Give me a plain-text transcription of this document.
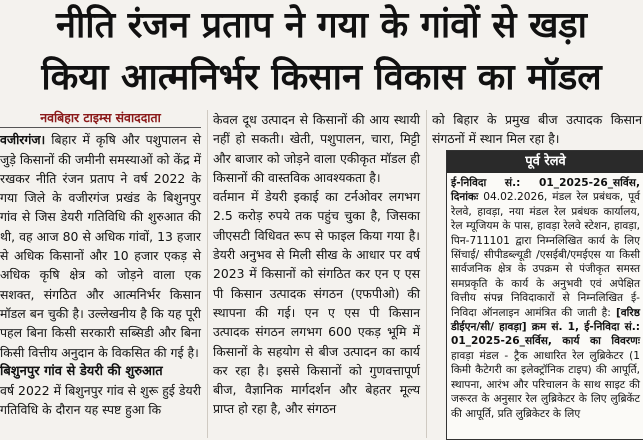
नीति रंजन प्रताप ने गया के गांवों से खड़ा
किया आत्मनिर्भर किसान विकास का मॉडल
नवबिहार टाइम्स संवाददाता

वजीरगंज। बिहार में कृषि और पशुपालन से जुड़े किसानों की जमीनी समस्याओं को केंद्र में रखकर नीति रंजन प्रताप ने वर्ष 2022 के गया जिले के वजीरगंज प्रखंड के बिशुनपुर गांव से जिस डेयरी गतिविधि की शुरुआत की थी, वह आज 80 से अधिक गांवों, 13 हजार से अधिक किसानों और 10 हजार एकड़ से अधिक कृषि क्षेत्र को जोड़ने वाला एक सशक्त, संगठित और आत्मनिर्भर किसान मॉडल बन चुकी है। उल्लेखनीय है कि यह पूरी पहल बिना किसी सरकारी सब्सिडी और बिना किसी वित्तीय अनुदान के विकसित की गई है।

बिशुनपुर गांव से डेयरी की शुरुआत

वर्ष 2022 में बिशुनपुर गांव से शुरू हुई डेयरी गतिविधि के दौरान यह स्पष्ट हुआ कि

केवल दूध उत्पादन से किसानों की आय स्थायी नहीं हो सकती। खेती, पशुपालन, चारा, मिट्टी और बाजार को जोड़ने वाला एकीकृत मॉडल ही किसानों की वास्तविक आवश्यकता है।

वर्तमान में डेयरी इकाई का टर्नओवर लगभग 2.5 करोड़ रुपये तक पहुंच चुका है, जिसका जीएसटी विधिवत रूप से फाइल किया गया है। डेयरी अनुभव से मिली सीख के आधार पर वर्ष 2023 में किसानों को संगठित कर एन ए एस पी किसान उत्पादक संगठन (एफपीओ) की स्थापना की गई। एन ए एस पी किसान उत्पादक संगठन लगभग 600 एकड़ भूमि में किसानों के सहयोग से बीज उत्पादन का कार्य कर रहा है। इससे किसानों को गुणवत्तापूर्ण बीज, वैज्ञानिक मार्गदर्शन और बेहतर मूल्य प्राप्त हो रहा है, और संगठन

को बिहार के प्रमुख बीज उत्पादक किसान संगठनों में स्थान मिल रहा है।

पूर्व रेलवे
ई-निविदा सं.: 01_2025-26_सर्विस, दिनांकः 04.02.2026, मंडल रेल प्रबंधक, पूर्व रेलवे, हावड़ा, नया मंडल रेल प्रबंधक कार्यालय, रेल म्यूजियम के पास, हावड़ा रेलवे स्टेशन, हावड़ा, पिन-711101 द्वारा निम्नलिखित कार्य के लिए सिंचाई/ सीपीडब्ल्यूडी /एसईबी/एमईएस या किसी सार्वजनिक क्षेत्र के उपक्रम से पंजीकृत समस्त समप्रकृति के कार्य के अनुभवी एवं अपेक्षित वित्तीय संपन्न निविदाकारों से निम्नलिखित ई-निविदा ऑनलाइन आमंत्रित की जाती है: [वरिष्ठ डीईएन/सी/ हावड़ा] क्रम सं. 1, ई-निविदा सं.: 01_2025-26_सर्विस, कार्य का विवरणः हावड़ा मंडल - ट्रैक आधारित रेल लुब्रिकेटर (1 किमी कैटेगरी का इलेक्ट्रॉनिक टाइप) की आपूर्ति, स्थापना, आरंभ और परिचालन के साथ साइट की जरूरत के अनुसार रेल लुब्रिकेटर के लिए लुब्रिकेंट की आपूर्ति, प्रति लुब्रिकेटर के लिए
